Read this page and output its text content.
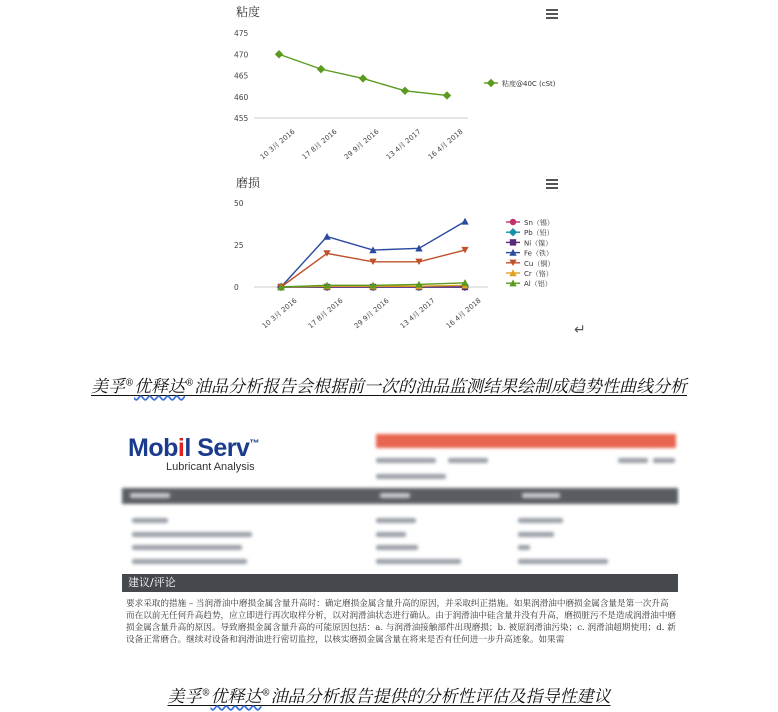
粘度
455
460
465
470
475
10 3月 2016 17 8月 2016 29 9月 2016 13 4月 2017 16 4月 2018
粘度@40C (cSt)
磨损
0
25
50
10 3月 2016 17 8月 2016 29 9月 2016 13 4月 2017 16 4月 2018
Sn（锡）
Pb（铅）
Ni（镍）
Fe（铁）
Cu（铜）
Cr（铬）
Al（铝）
↵
美孚®优释达®油品分析报告会根据前一次的油品监测结果绘制成趋势性曲线分析
Mobil Serv™
Lubricant Analysis
建议/评论
要求采取的措施 – 当润滑油中磨损金属含量升高时：确定磨损金属含量升高的原因，并采取纠正措施。如果润滑油中磨损金属含量是第一次升高而在以前无任何升高趋势，应立即进行再次取样分析，以对润滑油状态进行确认。由于润滑油中硅含量并没有升高，磨损脏污不是造成润滑油中磨损金属含量升高的原因。导致磨损金属含量升高的可能原因包括：a. 与润滑油接触部件出现磨损；b. 被原润滑油污染；c. 润滑油超期使用；d. 新设备正常磨合。继续对设备和润滑油进行密切监控，以核实磨损金属含量在将来是否有任何进一步升高迹象。如果需
美孚®优释达®油品分析报告提供的分析性评估及指导性建议
